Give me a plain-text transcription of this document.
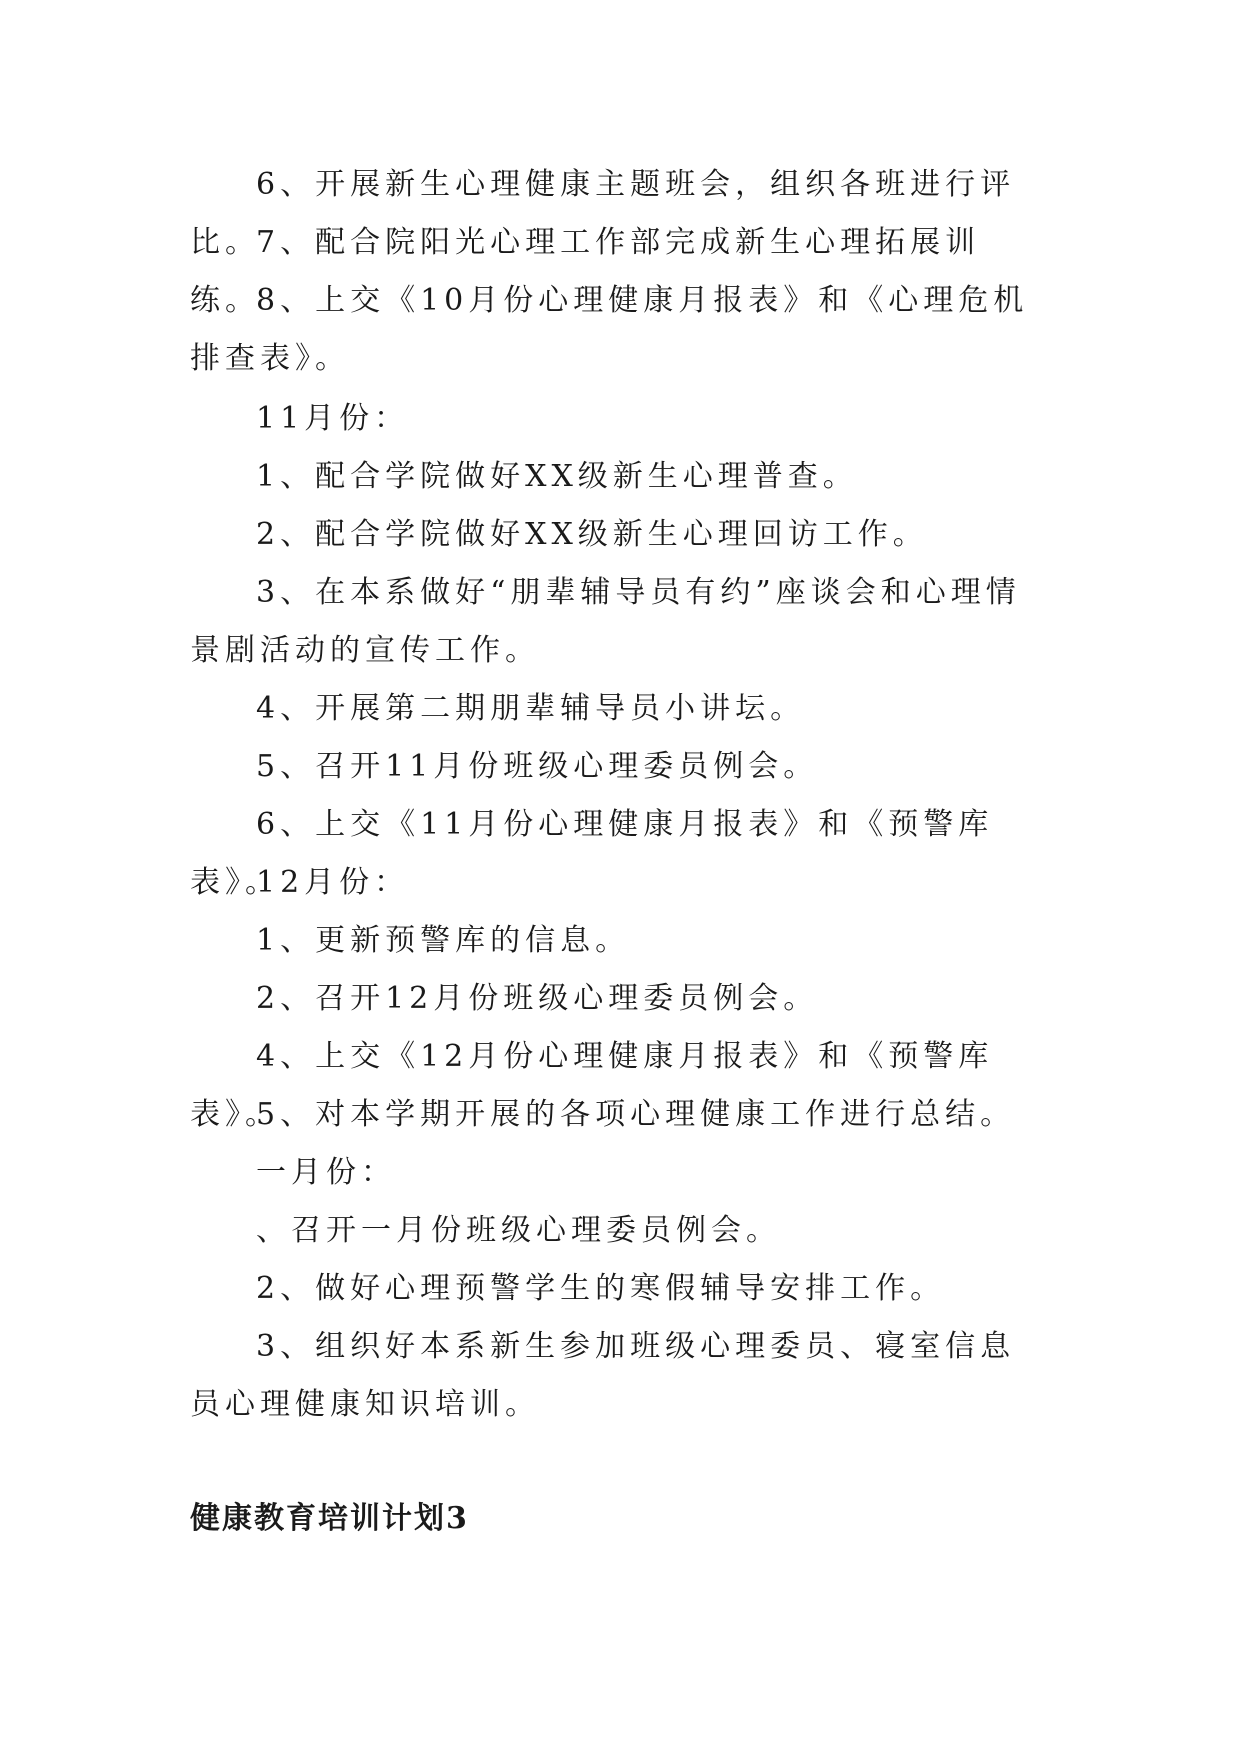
6、开展新生心理健康主题班会，组织各班进行评比。

7、配合院阳光心理工作部完成新生心理拓展训练。

8、上交《10月份心理健康月报表》和《心理危机排查表》。

11月份：

1、配合学院做好XX级新生心理普查。

2、配合学院做好XX级新生心理回访工作。

3、在本系做好“朋辈辅导员有约”座谈会和心理情景剧活动的宣传工作。

4、开展第二期朋辈辅导员小讲坛。

5、召开11月份班级心理委员例会。

6、上交《11月份心理健康月报表》和《预警库表》。

12月份：

1、更新预警库的信息。

2、召开12月份班级心理委员例会。

4、上交《12月份心理健康月报表》和《预警库表》。

5、对本学期开展的各项心理健康工作进行总结。

一月份：

、召开一月份班级心理委员例会。

2、做好心理预警学生的寒假辅导安排工作。

3、组织好本系新生参加班级心理委员、寝室信息员心理健康知识培训。

健康教育培训计划3
